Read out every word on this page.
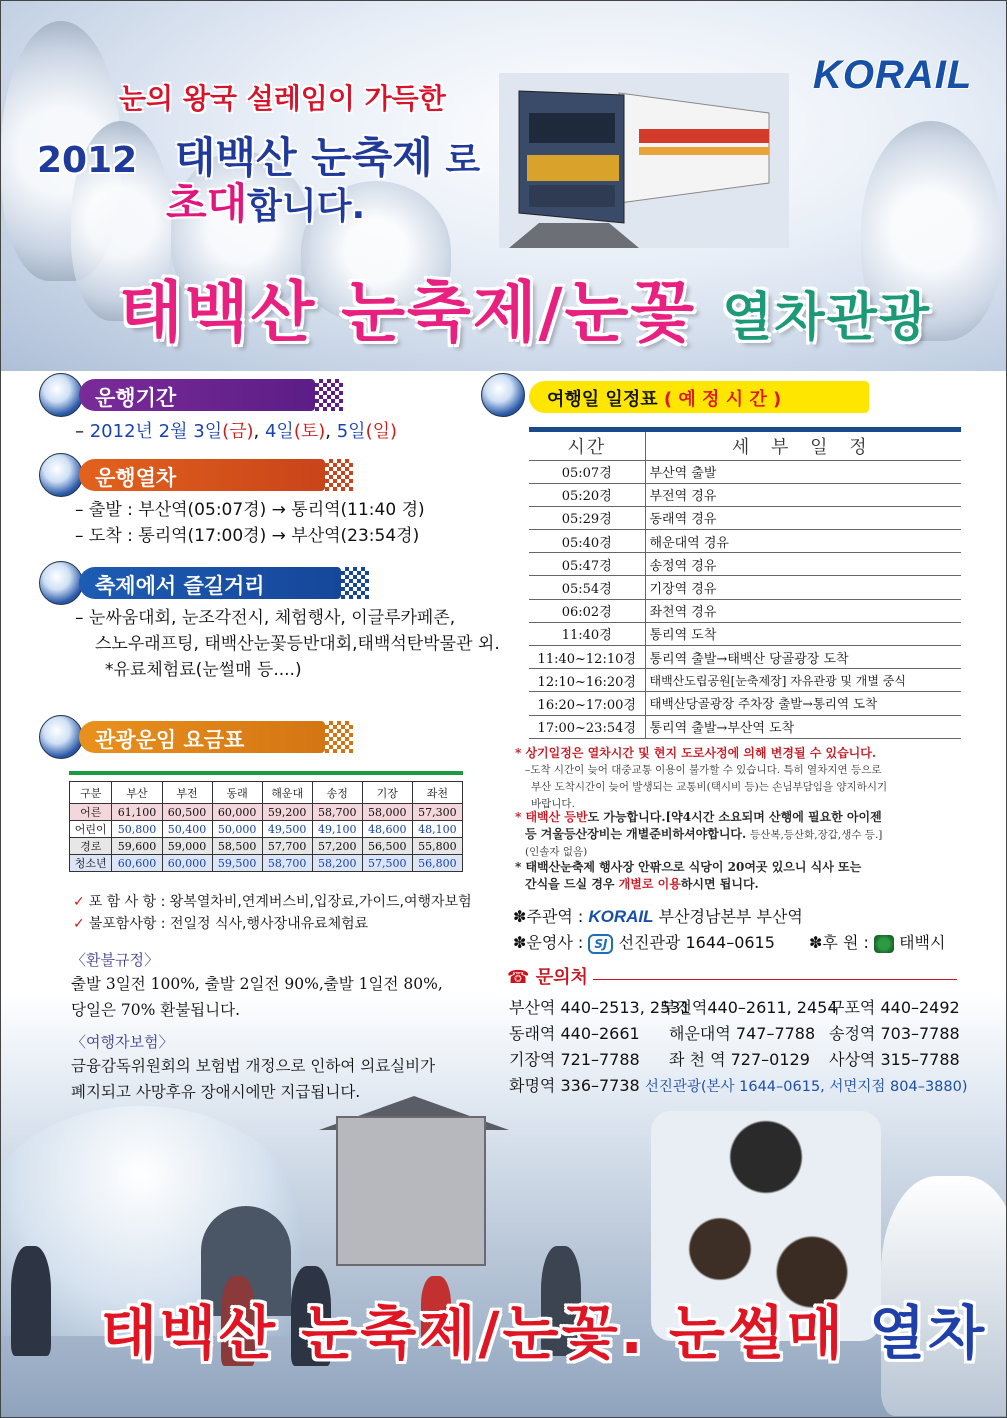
KORAIL
눈의 왕국 설레임이 가득한
2012 태백산 눈축제 로
초대합니다.
태백산 눈축제/눈꽃 열차관광
운행기간
– 2012년 2월 3일(금), 4일(토), 5일(일)
운행열차
– 출발 : 부산역(05:07경) → 통리역(11:40 경)
– 도착 : 통리역(17:00경) → 부산역(23:54경)
축제에서 즐길거리
– 눈싸움대회, 눈조각전시, 체험행사, 이글루카페존,
스노우래프팅, 태백산눈꽃등반대회,태백석탄박물관 외.
*유료체험료(눈썰매 등....)
관광운임 요금표
구분	부산	부전	동래	해운대	송정	기장	좌천
어른	61,100	60,500	60,000	59,200	58,700	58,000	57,300
어린이	50,800	50,400	50,000	49,500	49,100	48,600	48,100
경로	59,600	59,000	58,500	57,700	57,200	56,500	55,800
청소년	60,600	60,000	59,500	58,700	58,200	57,500	56,800
✓ 포 함 사 항 : 왕복열차비,연계버스비,입장료,가이드,여행자보험
✓ 불포함사항 : 전일정 식사,행사장내유료체험료
〈환불규정〉
출발 3일전 100%, 출발 2일전 90%,출발 1일전 80%,
당일은 70% 환불됩니다.
〈여행자보험〉
금융감독위원회의 보험법 개정으로 인하여 의료실비가
폐지되고 사망후유 장애시에만 지급됩니다.
여행일 일정표 ( 예 정 시 간 )
시간	세 부 일 정
05:07경	부산역 출발
05:20경	부전역 경유
05:29경	동래역 경유
05:40경	해운대역 경유
05:47경	송정역 경유
05:54경	기장역 경유
06:02경	좌천역 경유
11:40경	통리역 도착
11:40~12:10경	통리역 출발→태백산 당골광장 도착
12:10~16:20경	태백산도립공원[눈축제장] 자유관광 및 개별 중식
16:20~17:00경	태백산당골광장 주차장 출발→통리역 도착
17:00~23:54경	통리역 출발→부산역 도착
* 상기일정은 열차시간 및 현지 도로사정에 의해 변경될 수 있습니다.
–도착 시간이 늦어 대중교통 이용이 불가할 수 있습니다. 특히 열차지연 등으로
부산 도착시간이 늦어 발생되는 교통비(택시비 등)는 손님부담임을 양지하시기
바랍니다.
* 태백산 등반도 가능합니다.[약4시간 소요되며 산행에 필요한 아이젠
등 겨울등산장비는 개별준비하셔야합니다. 등산복,등산화,장갑,생수 등.]
(인솔자 없음)
* 태백산눈축제 행사장 안팎으로 식당이 20여곳 있으니 식사 또는
간식을 드실 경우 개별로 이용하시면 됩니다.
✽주관역 : KORAIL 부산경남본부 부산역
✽운영사 : SJ 선진관광 1644–0615 ✽후 원 : 태백시
☎ 문의처
부산역 440–2513, 2531부전역440–2611, 2454구포역 440–2492
동래역 440–2661 해운대역 747–7788 송정역 703–7788
기장역 721–7788 좌 천 역 727–0129 사상역 315–7788
화명역 336–7738 선진관광(본사 1644–0615, 서면지점 804–3880)
태백산 눈축제/눈꽃. 눈썰매 열차
